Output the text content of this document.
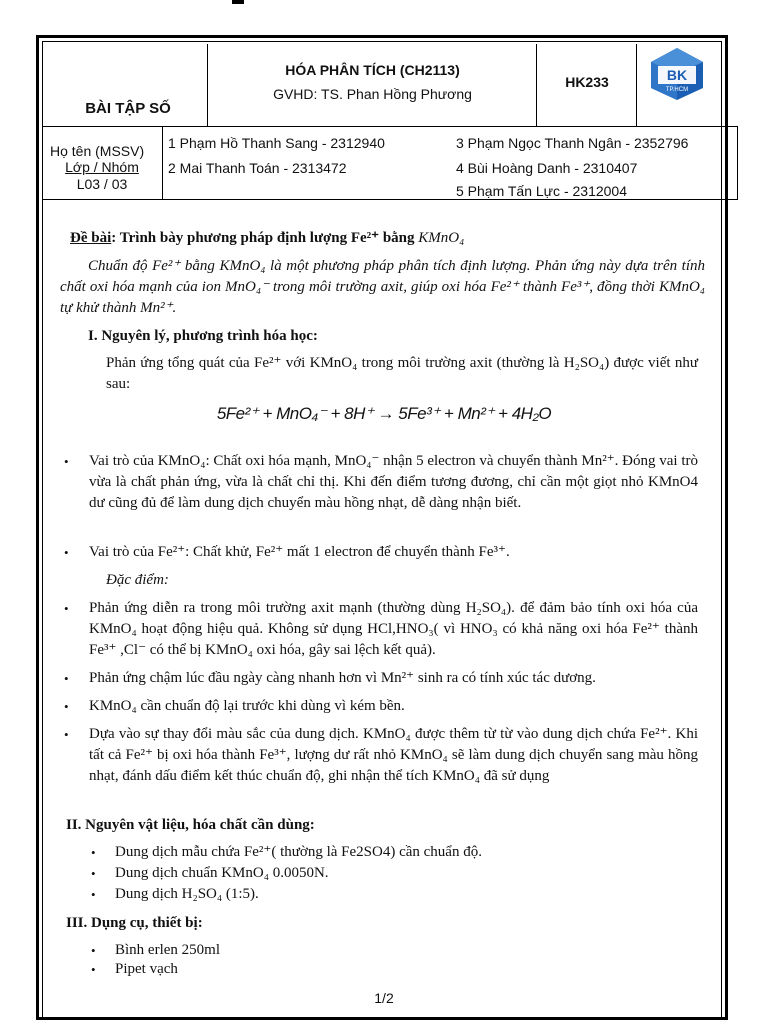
BÀI TẬP SỐ
HÓA PHÂN TÍCH (CH2113)
GVHD: TS. Phan Hồng Phương
HK233	BK
TP.HCM
Họ tên (MSSV)
Lớp / Nhóm
L03 / 03
1 Phạm Hồ Thanh Sang - 2312940
2 Mai Thanh Toán - 2313472
3 Phạm Ngọc Thanh Ngân - 2352796
4 Bùi Hoàng Danh - 2310407
5 Phạm Tấn Lực - 2312004
Đề bài: Trình bày phương pháp định lượng Fe²⁺ bằng KMnO₄
Chuẩn độ Fe²⁺ bằng KMnO₄ là một phương pháp phân tích định lượng. Phản ứng này dựa trên tính chất oxi hóa mạnh của ion MnO₄⁻ trong môi trường axit, giúp oxi hóa Fe²⁺ thành Fe³⁺, đồng thời KMnO₄ tự khử thành Mn²⁺.
I. Nguyên lý, phương trình hóa học:
Phản ứng tổng quát của Fe²⁺ với KMnO₄ trong môi trường axit (thường là H₂SO₄) được viết như sau:
5Fe²⁺ + MnO₄⁻ + 8H⁺ → 5Fe³⁺ + Mn²⁺ + 4H₂O
• Vai trò của KMnO₄: Chất oxi hóa mạnh, MnO₄⁻ nhận 5 electron và chuyển thành Mn²⁺. Đóng vai trò vừa là chất phản ứng, vừa là chất chỉ thị. Khi đến điểm tương đương, chỉ cần một giọt nhỏ KMnO4 dư cũng đủ để làm dung dịch chuyển màu hồng nhạt, dễ dàng nhận biết.
• Vai trò của Fe²⁺: Chất khử, Fe²⁺ mất 1 electron để chuyển thành Fe³⁺.
Đặc điểm:
• Phản ứng diễn ra trong môi trường axit mạnh (thường dùng H₂SO₄). để đảm bảo tính oxi hóa của KMnO₄ hoạt động hiệu quả. Không sử dụng HCl,HNO₃( vì HNO₃ có khả năng oxi hóa Fe²⁺ thành Fe³⁺ ,Cl⁻ có thể bị KMnO₄ oxi hóa, gây sai lệch kết quả).
• Phản ứng chậm lúc đầu ngày càng nhanh hơn vì Mn²⁺ sinh ra có tính xúc tác dương.
• KMnO₄ cần chuẩn độ lại trước khi dùng vì kém bền.
• Dựa vào sự thay đổi màu sắc của dung dịch. KMnO₄ được thêm từ từ vào dung dịch chứa Fe²⁺. Khi tất cả Fe²⁺ bị oxi hóa thành Fe³⁺, lượng dư rất nhỏ KMnO₄ sẽ làm dung dịch chuyển sang màu hồng nhạt, đánh dấu điểm kết thúc chuẩn độ, ghi nhận thể tích KMnO₄ đã sử dụng
II. Nguyên vật liệu, hóa chất cần dùng:
• Dung dịch mẫu chứa Fe²⁺( thường là Fe2SO4) cần chuẩn độ.
• Dung dịch chuẩn KMnO₄ 0.0050N.
• Dung dịch H₂SO₄ (1:5).
III. Dụng cụ, thiết bị:
• Bình erlen 250ml
• Pipet vạch
1/2
